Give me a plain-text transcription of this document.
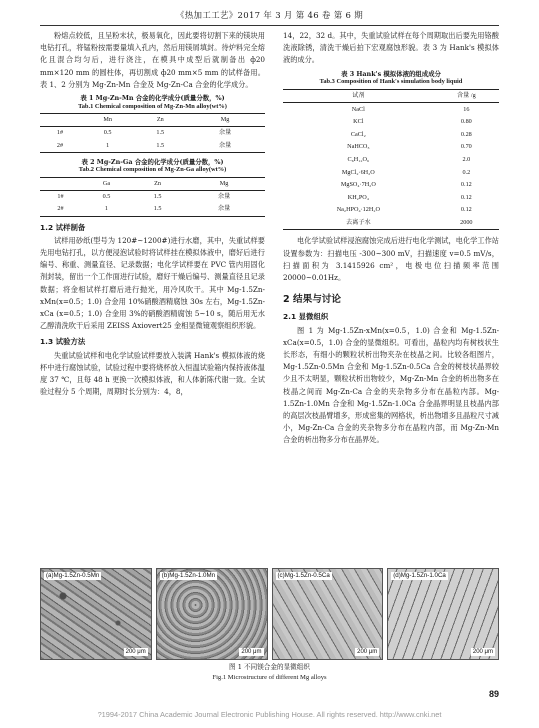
《热加工工艺》2017 年 3 月 第 46 卷 第 6 期

粉熔点较低，且呈粉末状，极易氧化，因此要将切割下来的镁块用电钻打孔，将锰粉按需要量填入孔内，然后用镁屑填封。待炉料完全熔化且混合均匀后，进行浇注，在模具中成型后就制备出 ф20 mm×120 mm 的圆柱体，再切割成 ф20 mm×5 mm 的试样备用。表 1、2 分别为 Mg-Zn-Mn 合金及 Mg-Zn-Ca 合金的化学成分。

表 1 Mg-Zn-Mn 合金的化学成分(质量分数，%)
Tab.1 Chemical composition of Mg-Zn-Mn alloy(wt%)
	Mn	Zn	Mg
1#	0.5	1.5	余量
2#	1	1.5	余量
表 2 Mg-Zn-Ga 合金的化学成分(质量分数，%)
Tab.2 Chemical composition of Mg-Zn-Ga alloy(wt%)
	Ga	Zn	Mg
1#	0.5	1.5	余量
2#	1	1.5	余量
1.2 试样制备

试样用砂纸(型号为 120#~1200#)进行水磨，其中，失重试样要先用电钻打孔，以方便浸泡试验时将试样挂在模拟体液中，磨好后进行编号、称重、测量直径、记录数据；电化学试样要在 PVC 管内用固化剂封装，留出一个工作面进行试验，磨好干燥后编号、测量直径且记录数据；将金相试样打磨后进行抛光，用冷风吹干。其中 Mg-1.5Zn-xMn(x=0.5；1.0) 合金用 10%硝酸酒精腐蚀 30s 左右，Mg-1.5Zn-xCa (x=0.5；1.0) 合金用 3%的硝酸酒精腐蚀 5~10 s，随后用无水乙醇清洗吹干后采用 ZEISS Axiovert25 金相显微镜观察组织形貌。

1.3 试验方法

失重试验试样和电化学试验试样要放入装满 Hank's 模拟体液的烧杯中进行腐蚀试验，试验过程中要将烧杯放入恒温试验箱内保持液体温度 37 ℃，且每 48 h 更换一次模拟体液，和人体新陈代谢一致。全试验过程分 5 个周期，周期时长分别为：4，8，

14，22，32 d。其中，失重试验试样在每个周期取出后要先用铬酸洗液除锈，清洗干燥后拍下宏观腐蚀形貌。表 3 为 Hank's 模拟体液的成分。

表 3 Hank's 模拟体液的组成成分
Tab.3 Composition of Hank's simulation body liquid
试剂	含量 /g
NaCl	16
KCl	0.80
CaCl₂	0.28
NaHCO₃	0.70
C₆H₁₂O₆	2.0
MgCl₂·6H₂O	0.2
MgSO₄·7H₂O	0.12
KH₂PO₄	0.12
Na₂HPO₄·12H₂O	0.12
去离子水	2000

电化学试验试样浸泡腐蚀完成后进行电化学测试，电化学工作站设置参数为：扫描电压 -300~300 mV，扫描速度 v=0.5 mV/s，扫描面积为 3.1415926 cm²，电极电位扫描频率范围 20000~0.01Hz。

2 结果与讨论
2.1 显微组织

图 1 为 Mg-1.5Zn-xMn(x=0.5，1.0) 合金和 Mg-1.5Zn-xCa(x=0.5，1.0) 合金的显微组织。可看出，晶粒内均有树枝状生长形态，有细小的颗粒状析出物夹杂在枝晶之间。比较各组图片，Mg-1.5Zn-0.5Mn 合金和 Mg-1.5Zn-0.5Ca 合金的树枝状晶界较少且不太明显，颗粒状析出物较少，Mg-Zn-Mn 合金的析出物多在枝晶之间而 Mg-Zn-Ca 合金的夹杂物多分布在晶粒内部。Mg-1.5Zn-1.0Mn 合金和 Mg-1.5Zn-1.0Ca 合金晶界明显且枝晶内部的高层次枝晶臂增多，形成密集的网格状，析出物增多且晶粒尺寸减小，Mg-Zn-Ca 合金的夹杂物多分布在晶粒内部，而 Mg-Zn-Mn 合金的析出物多分布在晶界处。

(a)Mg-1.5Zn-0.5Mn
200 μm
(b)Mg-1.5Zn-1.0Mn
200 μm
(c)Mg-1.5Zn-0.5Ca
200 μm
(d)Mg-1.5Zn-1.0Ca
200 μm
图 1 不同镁合金的显微组织
Fig.1 Microstructure of different Mg alloys
89
?1994-2017 China Academic Journal Electronic Publishing House. All rights reserved. http://www.cnki.net
